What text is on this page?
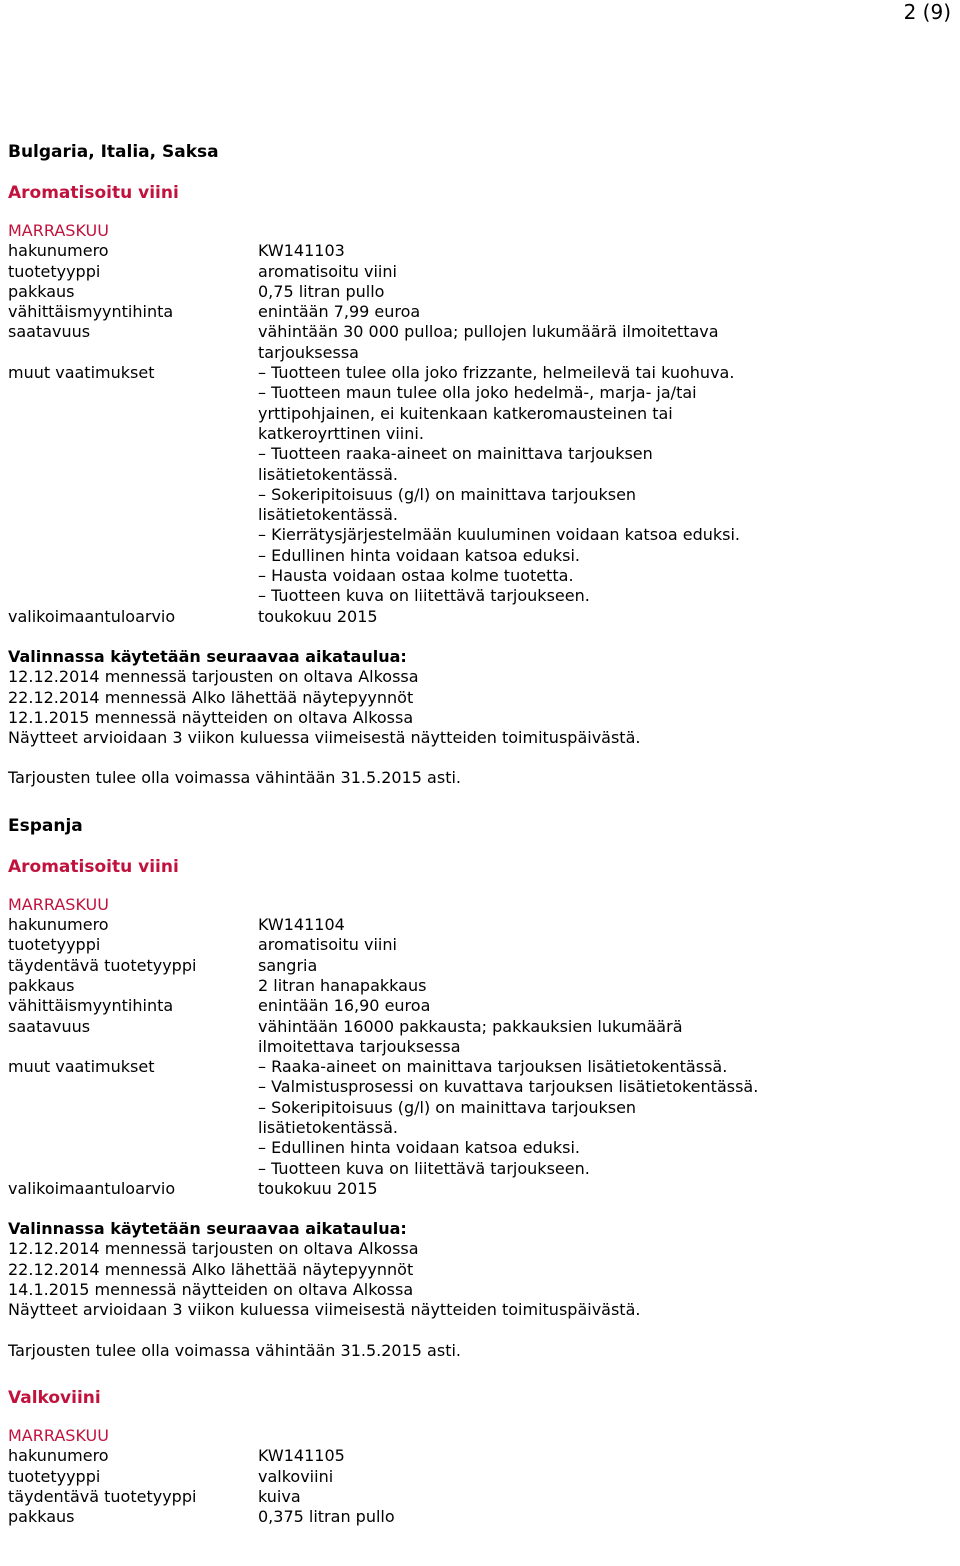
2 (9)
Bulgaria, Italia, Saksa
Aromatisoitu viini
MARRASKUU
hakunumero	KW141103
tuotetyyppi	aromatisoitu viini
pakkaus	0,75 litran pullo
vähittäismyyntihinta	enintään 7,99 euroa
saatavuus	vähintään 30 000 pulloa; pullojen lukumäärä ilmoitettava tarjouksessa
muut vaatimukset	– Tuotteen tulee olla joko frizzante, helmeilevä tai kuohuva.
– Tuotteen maun tulee olla joko hedelmä-, marja- ja/tai yrttipohjainen, ei kuitenkaan katkeromausteinen tai katkeroyrttinen viini.
– Tuotteen raaka-aineet on mainittava tarjouksen lisätietokentässä.
– Sokeripitoisuus (g/l) on mainittava tarjouksen lisätietokentässä.
– Kierrätysjärjestelmään kuuluminen voidaan katsoa eduksi.
– Edullinen hinta voidaan katsoa eduksi.
– Hausta voidaan ostaa kolme tuotetta.
– Tuotteen kuva on liitettävä tarjoukseen.
valikoimaantuloarvio	toukokuu 2015
Valinnassa käytetään seuraavaa aikataulua:
12.12.2014 mennessä tarjousten on oltava Alkossa
22.12.2014 mennessä Alko lähettää näytepyynnöt
12.1.2015 mennessä näytteiden on oltava Alkossa
Näytteet arvioidaan 3 viikon kuluessa viimeisestä näytteiden toimituspäivästä.
Tarjousten tulee olla voimassa vähintään 31.5.2015 asti.
Espanja
Aromatisoitu viini
MARRASKUU
hakunumero	KW141104
tuotetyyppi	aromatisoitu viini
täydentävä tuotetyyppi	sangria
pakkaus	2 litran hanapakkaus
vähittäismyyntihinta	enintään 16,90 euroa
saatavuus	vähintään 16000 pakkausta; pakkauksien lukumäärä ilmoitettava tarjouksessa
muut vaatimukset	– Raaka-aineet on mainittava tarjouksen lisätietokentässä.
– Valmistusprosessi on kuvattava tarjouksen lisätietokentässä.
– Sokeripitoisuus (g/l) on mainittava tarjouksen lisätietokentässä.
– Edullinen hinta voidaan katsoa eduksi.
– Tuotteen kuva on liitettävä tarjoukseen.
valikoimaantuloarvio	toukokuu 2015
Valinnassa käytetään seuraavaa aikataulua:
12.12.2014 mennessä tarjousten on oltava Alkossa
22.12.2014 mennessä Alko lähettää näytepyynnöt
14.1.2015 mennessä näytteiden on oltava Alkossa
Näytteet arvioidaan 3 viikon kuluessa viimeisestä näytteiden toimituspäivästä.
Tarjousten tulee olla voimassa vähintään 31.5.2015 asti.
Valkoviini
MARRASKUU
hakunumero	KW141105
tuotetyyppi	valkoviini
täydentävä tuotetyyppi	kuiva
pakkaus	0,375 litran pullo
